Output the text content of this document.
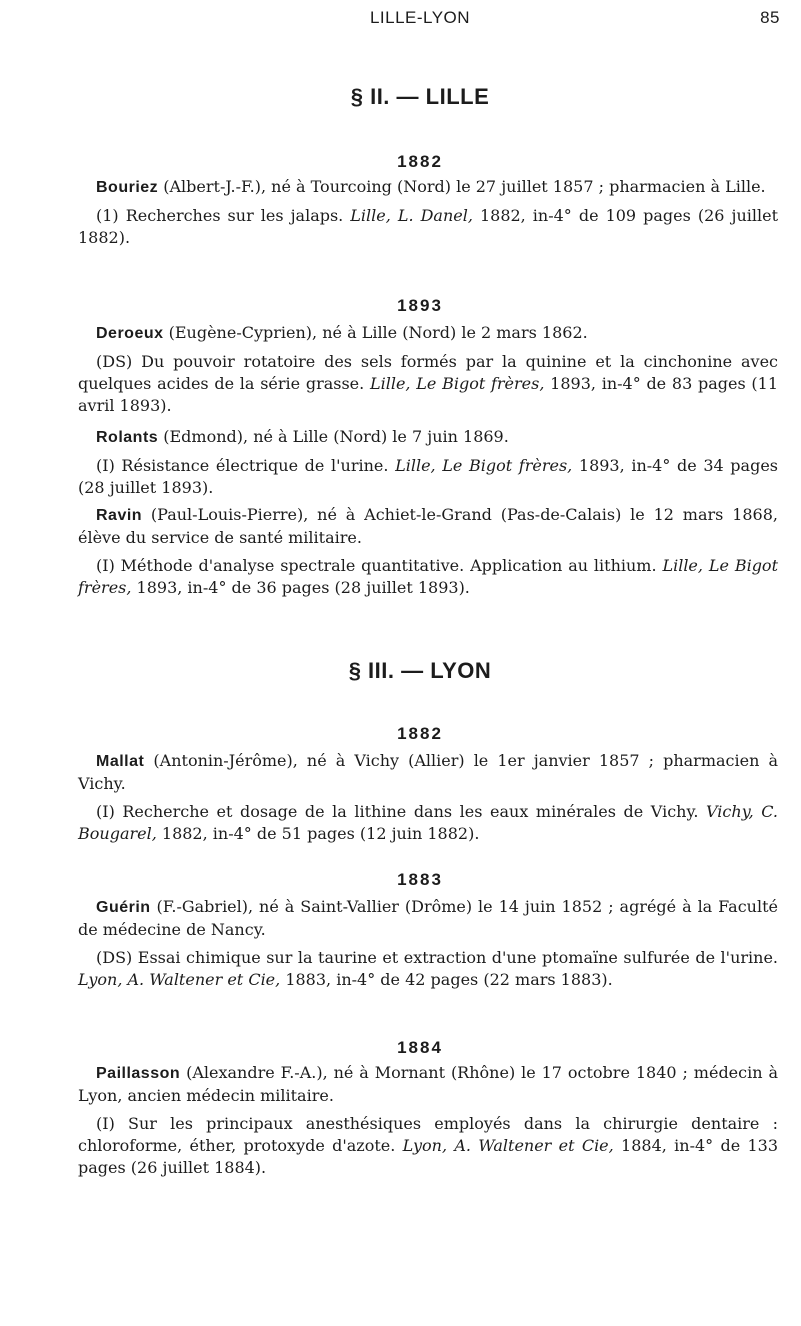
LILLE-LYON	85
§ II. — LILLE
1882

Bouriez (Albert-J.-F.), né à Tourcoing (Nord) le 27 juillet 1857 ; pharmacien à Lille.

(1) Recherches sur les jalaps. Lille, L. Danel, 1882, in-4° de 109 pages (26 juillet 1882).

1893

Deroeux (Eugène-Cyprien), né à Lille (Nord) le 2 mars 1862.

(DS) Du pouvoir rotatoire des sels formés par la quinine et la cinchonine avec quelques acides de la série grasse. Lille, Le Bigot frères, 1893, in-4° de 83 pages (11 avril 1893).

Rolants (Edmond), né à Lille (Nord) le 7 juin 1869.

(I) Résistance électrique de l'urine. Lille, Le Bigot frères, 1893, in-4° de 34 pages (28 juillet 1893).

Ravin (Paul-Louis-Pierre), né à Achiet-le-Grand (Pas-de-Calais) le 12 mars 1868, élève du service de santé militaire.

(I) Méthode d'analyse spectrale quantitative. Application au lithium. Lille, Le Bigot frères, 1893, in-4° de 36 pages (28 juillet 1893).

§ III. — LYON
1882

Mallat (Antonin-Jérôme), né à Vichy (Allier) le 1er janvier 1857 ; pharmacien à Vichy.

(I) Recherche et dosage de la lithine dans les eaux minérales de Vichy. Vichy, C. Bougarel, 1882, in-4° de 51 pages (12 juin 1882).

1883

Guérin (F.-Gabriel), né à Saint-Vallier (Drôme) le 14 juin 1852 ; agrégé à la Faculté de médecine de Nancy.

(DS) Essai chimique sur la taurine et extraction d'une ptomaïne sulfurée de l'urine. Lyon, A. Waltener et Cie, 1883, in-4° de 42 pages (22 mars 1883).

1884

Paillasson (Alexandre F.-A.), né à Mornant (Rhône) le 17 octobre 1840 ; médecin à Lyon, ancien médecin militaire.

(I) Sur les principaux anesthésiques employés dans la chirurgie dentaire : chloroforme, éther, protoxyde d'azote. Lyon, A. Waltener et Cie, 1884, in-4° de 133 pages (26 juillet 1884).
